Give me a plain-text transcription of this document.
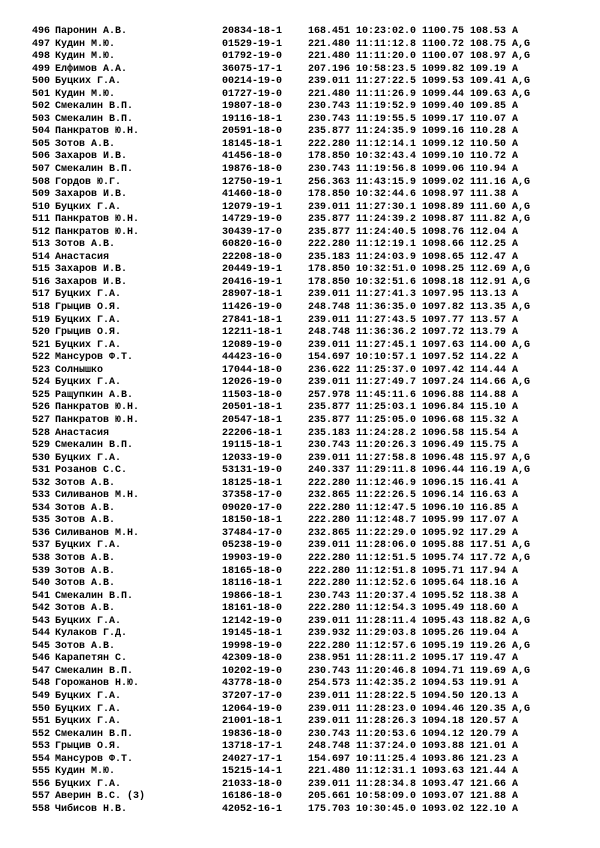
496 Паронин А.В.	20834-18-1	168.451 10:23:02.0 1100.75 108.53 A
497 Кудин М.Ю.	01529-19-1	221.480 11:11:12.8 1100.72 108.75 A,G
498 Кудин М.Ю.	01792-19-0	221.480 11:11:20.0 1100.07 108.97 A,G
499 Елфимов А.А.	36075-17-1	207.196 10:58:23.5 1099.82 109.19 A
500 Буцких Г.А.	00214-19-0	239.011 11:27:22.5 1099.53 109.41 A,G
501 Кудин М.Ю.	01727-19-0	221.480 11:11:26.9 1099.44 109.63 A,G
502 Смекалин В.П.	19807-18-0	230.743 11:19:52.9 1099.40 109.85 A
503 Смекалин В.П.	19116-18-1	230.743 11:19:55.5 1099.17 110.07 A
504 Панкратов Ю.Н.	20591-18-0	235.877 11:24:35.9 1099.16 110.28 A
505 Зотов А.В.	18145-18-1	222.280 11:12:14.1 1099.12 110.50 A
506 Захаров И.В.	41456-18-0	178.850 10:32:43.4 1099.10 110.72 A
507 Смекалин В.П.	19876-18-0	230.743 11:19:56.8 1099.06 110.94 A
508 Гордов Ю.Г.	12750-19-1	256.363 11:43:15.9 1099.02 111.16 A,G
509 Захаров И.В.	41460-18-0	178.850 10:32:44.6 1098.97 111.38 A
510 Буцких Г.А.	12079-19-1	239.011 11:27:30.1 1098.89 111.60 A,G
511 Панкратов Ю.Н.	14729-19-0	235.877 11:24:39.2 1098.87 111.82 A,G
512 Панкратов Ю.Н.	30439-17-0	235.877 11:24:40.5 1098.76 112.04 A
513 Зотов А.В.	60820-16-0	222.280 11:12:19.1 1098.66 112.25 A
514 Анастасия	22208-18-0	235.183 11:24:03.9 1098.65 112.47 A
515 Захаров И.В.	20449-19-1	178.850 10:32:51.0 1098.25 112.69 A,G
516 Захаров И.В.	20416-19-1	178.850 10:32:51.6 1098.18 112.91 A,G
517 Буцких Г.А.	28907-18-1	239.011 11:27:41.3 1097.95 113.13 A
518 Грыцив О.Я.	11426-19-0	248.748 11:36:35.0 1097.82 113.35 A,G
519 Буцких Г.А.	27841-18-1	239.011 11:27:43.5 1097.77 113.57 A
520 Грыцив О.Я.	12211-18-1	248.748 11:36:36.2 1097.72 113.79 A
521 Буцких Г.А.	12089-19-0	239.011 11:27:45.1 1097.63 114.00 A,G
522 Мансуров Ф.Т.	44423-16-0	154.697 10:10:57.1 1097.52 114.22 A
523 Солнышко	17044-18-0	236.622 11:25:37.0 1097.42 114.44 A
524 Буцких Г.А.	12026-19-0	239.011 11:27:49.7 1097.24 114.66 A,G
525 Ращупкин А.В.	11503-18-0	257.978 11:45:11.6 1096.88 114.88 A
526 Панкратов Ю.Н.	20501-18-1	235.877 11:25:03.1 1096.84 115.10 A
527 Панкратов Ю.Н.	20547-18-1	235.877 11:25:05.0 1096.68 115.32 A
528 Анастасия	22206-18-1	235.183 11:24:28.2 1096.58 115.54 A
529 Смекалин В.П.	19115-18-1	230.743 11:20:26.3 1096.49 115.75 A
530 Буцких Г.А.	12033-19-0	239.011 11:27:58.8 1096.48 115.97 A,G
531 Розанов С.С.	53131-19-0	240.337 11:29:11.8 1096.44 116.19 A,G
532 Зотов А.В.	18125-18-1	222.280 11:12:46.9 1096.15 116.41 A
533 Силиванов М.Н.	37358-17-0	232.865 11:22:26.5 1096.14 116.63 A
534 Зотов А.В.	09020-17-0	222.280 11:12:47.5 1096.10 116.85 A
535 Зотов А.В.	18150-18-1	222.280 11:12:48.7 1095.99 117.07 A
536 Силиванов М.Н.	37484-17-0	232.865 11:22:29.0 1095.92 117.29 A
537 Буцких Г.А.	05238-19-0	239.011 11:28:06.0 1095.88 117.51 A,G
538 Зотов А.В.	19903-19-0	222.280 11:12:51.5 1095.74 117.72 A,G
539 Зотов А.В.	18165-18-0	222.280 11:12:51.8 1095.71 117.94 A
540 Зотов А.В.	18116-18-1	222.280 11:12:52.6 1095.64 118.16 A
541 Смекалин В.П.	19866-18-1	230.743 11:20:37.4 1095.52 118.38 A
542 Зотов А.В.	18161-18-0	222.280 11:12:54.3 1095.49 118.60 A
543 Буцких Г.А.	12142-19-0	239.011 11:28:11.4 1095.43 118.82 A,G
544 Кулаков Г.Д.	19145-18-1	239.932 11:29:03.8 1095.26 119.04 A
545 Зотов А.В.	19998-19-0	222.280 11:12:57.6 1095.19 119.26 A,G
546 Карапетян С.	42309-18-0	238.951 11:28:11.2 1095.17 119.47 A
547 Смекалин В.П.	10202-19-0	230.743 11:20:46.8 1094.71 119.69 A,G
548 Горожанов Н.Ю.	43778-18-0	254.573 11:42:35.2 1094.53 119.91 A
549 Буцких Г.А.	37207-17-0	239.011 11:28:22.5 1094.50 120.13 A
550 Буцких Г.А.	12064-19-0	239.011 11:28:23.0 1094.46 120.35 A,G
551 Буцких Г.А.	21001-18-1	239.011 11:28:26.3 1094.18 120.57 A
552 Смекалин В.П.	19836-18-0	230.743 11:20:53.6 1094.12 120.79 A
553 Грыцив О.Я.	13718-17-1	248.748 11:37:24.0 1093.88 121.01 A
554 Мансуров Ф.Т.	24027-17-1	154.697 10:11:25.4 1093.86 121.23 A
555 Кудин М.Ю.	15215-14-1	221.480 11:12:31.1 1093.63 121.44 A
556 Буцких Г.А.	21033-18-0	239.011 11:28:34.8 1093.47 121.66 A
557 Аверин В.С. (3)	16186-18-0	205.661 10:58:09.0 1093.07 121.88 A
558 Чибисов Н.В.	42052-16-1	175.703 10:30:45.0 1093.02 122.10 A
